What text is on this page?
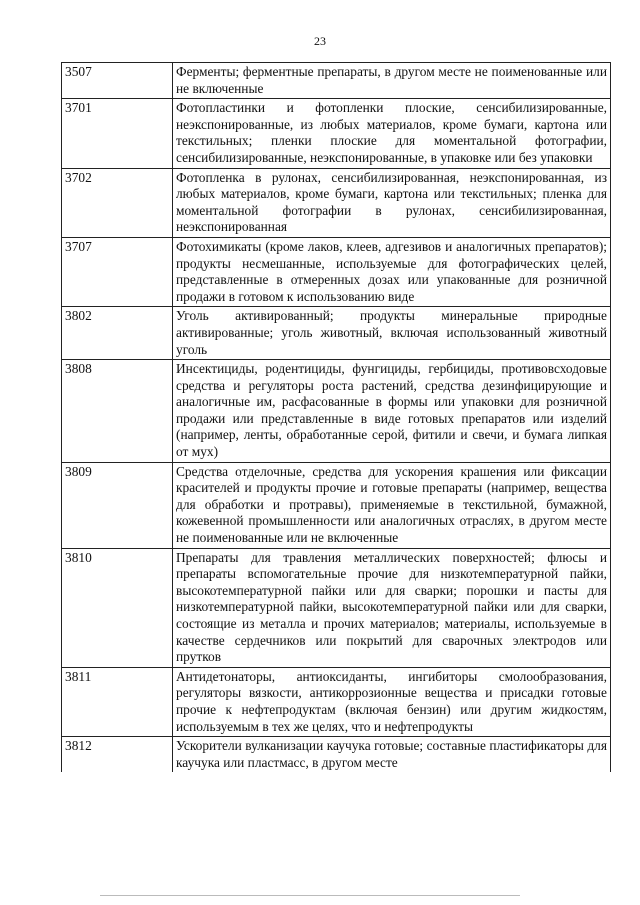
23
3507	Ферменты; ферментные препараты, в другом месте не поименованные или не включенные
3701	Фотопластинки и фотопленки плоские, сенсибилизированные, неэкспонированные, из любых материалов, кроме бумаги, картона или текстильных; пленки плоские для моментальной фотографии, сенсибилизированные, неэкспонированные, в упаковке или без упаковки
3702	Фотопленка в рулонах, сенсибилизированная, неэкспонированная, из любых материалов, кроме бумаги, картона или текстильных; пленка для моментальной фотографии в рулонах, сенсибилизированная, неэкспонированная
3707	Фотохимикаты (кроме лаков, клеев, адгезивов и аналогичных препаратов); продукты несмешанные, используемые для фотографических целей, представленные в отмеренных дозах или упакованные для розничной продажи в готовом к использованию виде
3802	Уголь активированный; продукты минеральные природные активированные; уголь животный, включая использованный животный уголь
3808	Инсектициды, родентициды, фунгициды, гербициды, противовсходовые средства и регуляторы роста растений, средства дезинфицирующие и аналогичные им, расфасованные в формы или упаковки для розничной продажи или представленные в виде готовых препаратов или изделий (например, ленты, обработанные серой, фитили и свечи, и бумага липкая от мух)
3809	Средства отделочные, средства для ускорения крашения или фиксации красителей и продукты прочие и готовые препараты (например, вещества для обработки и протравы), применяемые в текстильной, бумажной, кожевенной промышленности или аналогичных отраслях, в другом месте не поименованные или не включенные
3810	Препараты для травления металлических поверхностей; флюсы и препараты вспомогательные прочие для низкотемпературной пайки, высокотемпературной пайки или для сварки; порошки и пасты для низкотемпературной пайки, высокотемпературной пайки или для сварки, состоящие из металла и прочих материалов; материалы, используемые в качестве сердечников или покрытий для сварочных электродов или прутков
3811	Антидетонаторы, антиоксиданты, ингибиторы смолообразования, регуляторы вязкости, антикоррозионные вещества и присадки готовые прочие к нефтепродуктам (включая бензин) или другим жидкостям, используемым в тех же целях, что и нефтепродукты
3812	Ускорители вулканизации каучука готовые; составные пластификаторы для каучука или пластмасс, в другом месте
